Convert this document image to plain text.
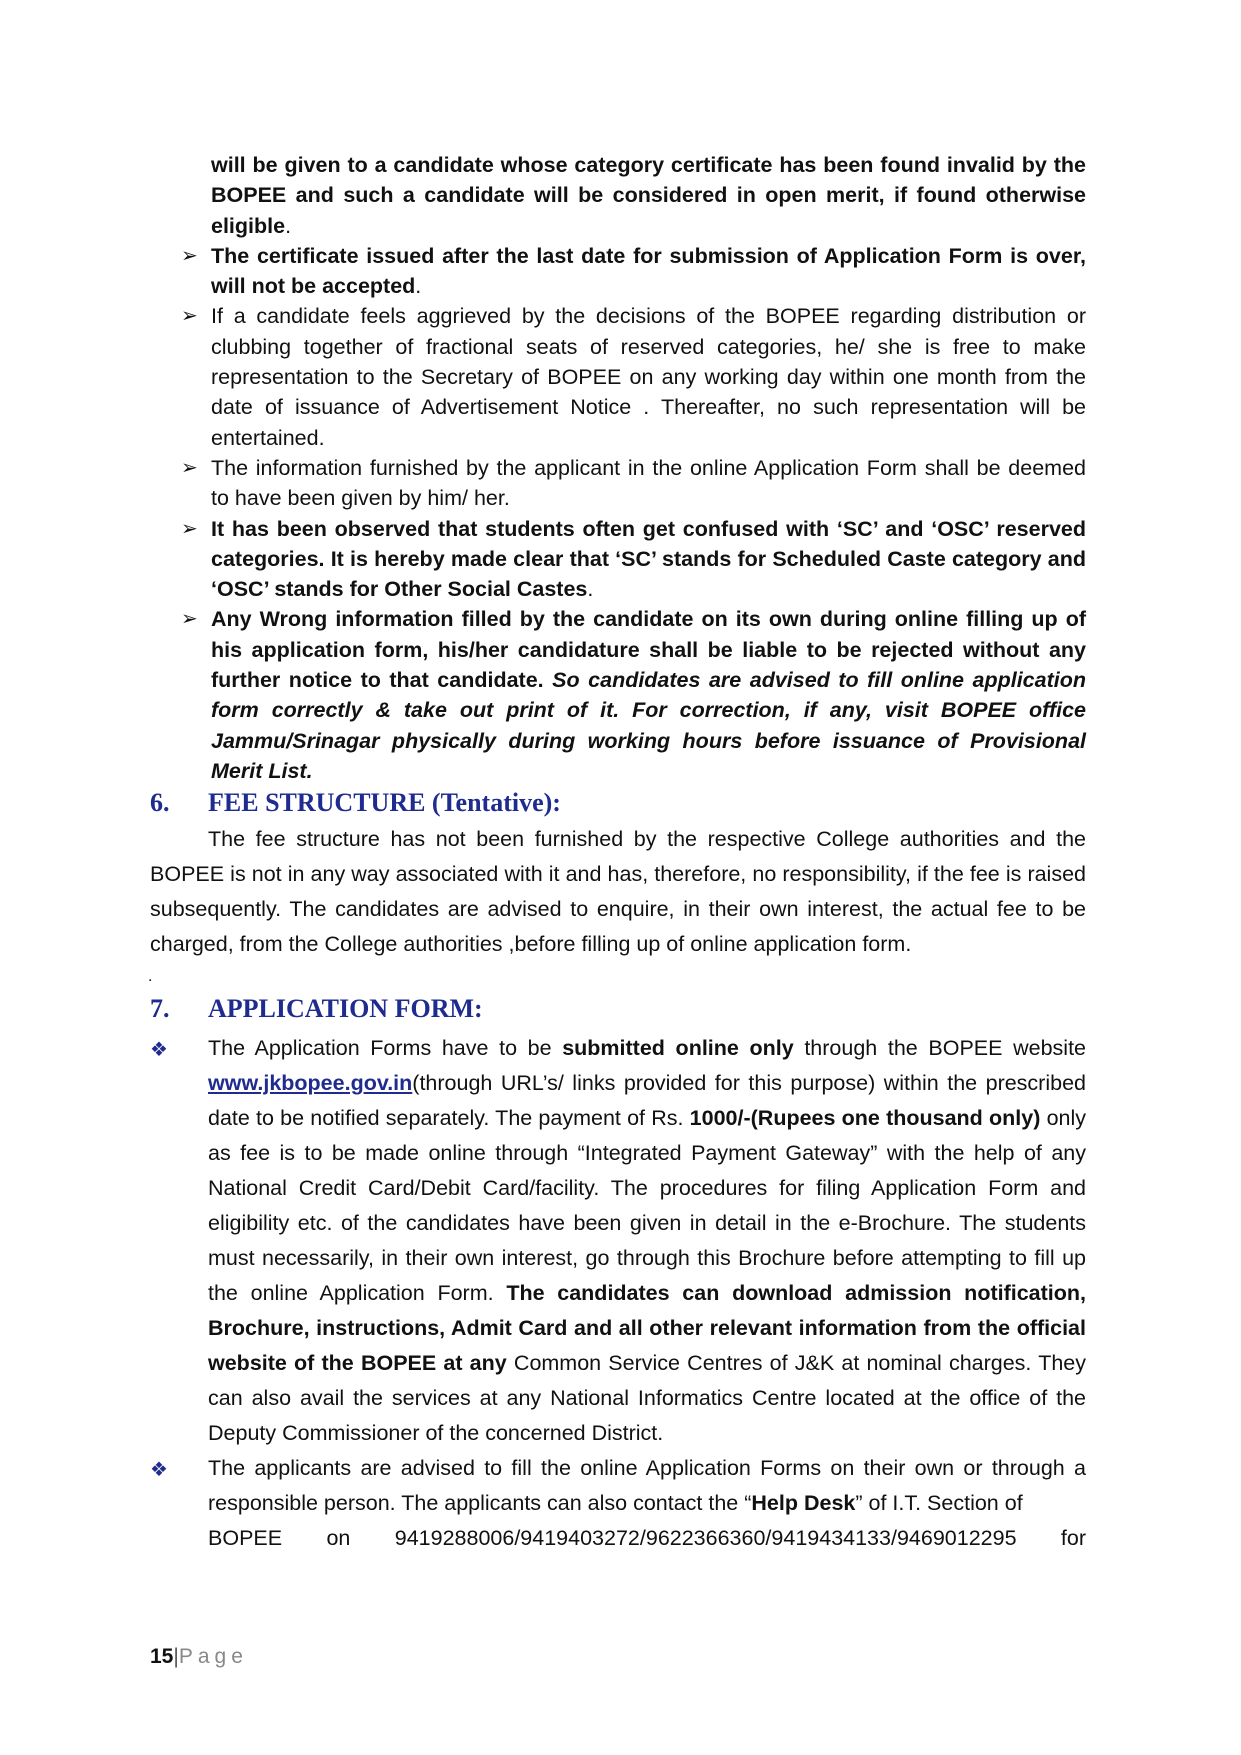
will be given to a candidate whose category certificate has been found invalid by the BOPEE and such a candidate will be considered in open merit, if found otherwise eligible.

➢ The certificate issued after the last date for submission of Application Form is over, will not be accepted.
➢ If a candidate feels aggrieved by the decisions of the BOPEE regarding distribution or clubbing together of fractional seats of reserved categories, he/ she is free to make representation to the Secretary of BOPEE on any working day within one month from the date of issuance of Advertisement Notice . Thereafter, no such representation will be entertained.
➢ The information furnished by the applicant in the online Application Form shall be deemed to have been given by him/ her.
➢ It has been observed that students often get confused with ‘SC’ and ‘OSC’ reserved categories. It is hereby made clear that ‘SC’ stands for Scheduled Caste category and ‘OSC’ stands for Other Social Castes.
➢ Any Wrong information filled by the candidate on its own during online filling up of his application form, his/her candidature shall be liable to be rejected without any further notice to that candidate. So candidates are advised to fill online application form correctly & take out print of it. For correction, if any, visit BOPEE office Jammu/Srinagar physically during working hours before issuance of Provisional Merit List.
6. FEE STRUCTURE (Tentative):

The fee structure has not been furnished by the respective College authorities and the BOPEE is not in any way associated with it and has, therefore, no responsibility, if the fee is raised subsequently. The candidates are advised to enquire, in their own interest, the actual fee to be charged, from the College authorities ,before filling up of online application form.

.
7. APPLICATION FORM:
❖ The Application Forms have to be submitted online only through the BOPEE website www.jkbopee.gov.in(through URL’s/ links provided for this purpose) within the prescribed date to be notified separately. The payment of Rs. 1000/-(Rupees one thousand only) only as fee is to be made online through “Integrated Payment Gateway” with the help of any National Credit Card/Debit Card/facility. The procedures for filing Application Form and eligibility etc. of the candidates have been given in detail in the e-Brochure. The students must necessarily, in their own interest, go through this Brochure before attempting to fill up the online Application Form. The candidates can download admission notification, Brochure, instructions, Admit Card and all other relevant information from the official website of the BOPEE at any Common Service Centres of J&K at nominal charges. They can also avail the services at any National Informatics Centre located at the office of the Deputy Commissioner of the concerned District.
❖ The applicants are advised to fill the online Application Forms on their own or through a responsible person. The applicants can also contact the “Help Desk” of I.T. Section of
BOPEE on 9419288006/9419403272/9622366360/9419434133/9469012295 for
15|Page
